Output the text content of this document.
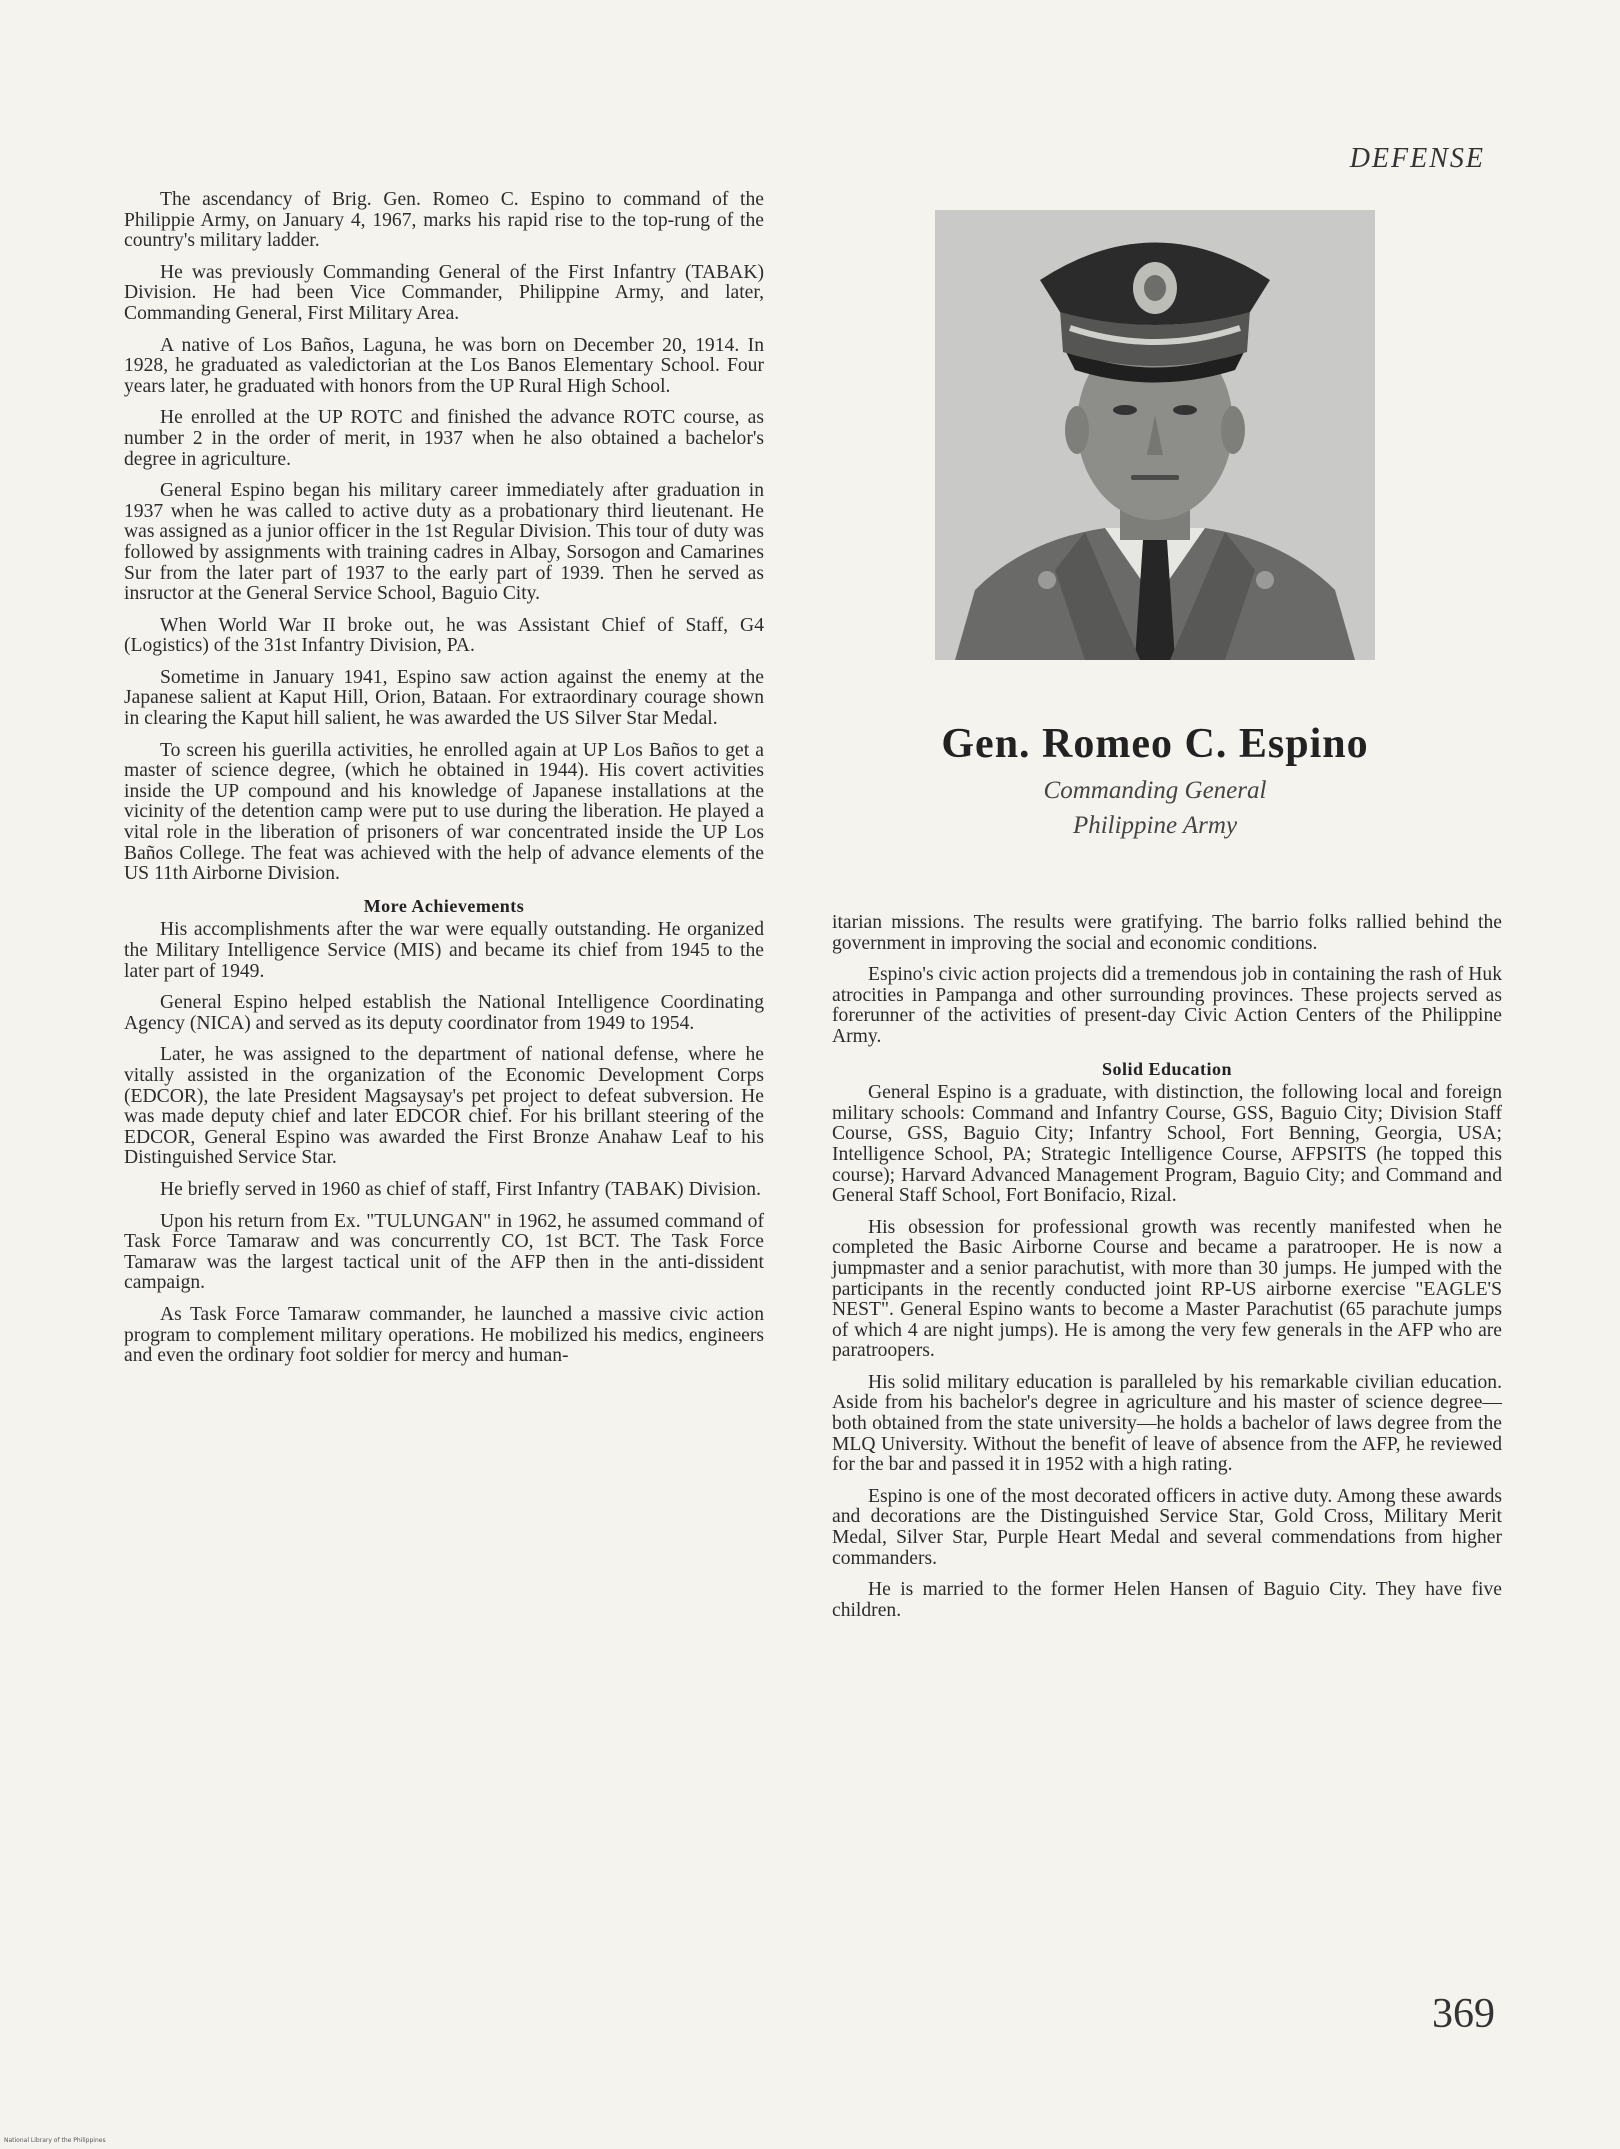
DEFENSE
Gen. Romeo C. Espino
Commanding General
Philippine Army

The ascendancy of Brig. Gen. Romeo C. Espino to command of the Philippie Army, on January 4, 1967, marks his rapid rise to the top-rung of the country's military ladder.

He was previously Commanding General of the First Infantry (TABAK) Division. He had been Vice Commander, Philippine Army, and later, Commanding General, First Military Area.

A native of Los Baños, Laguna, he was born on December 20, 1914. In 1928, he graduated as valedictorian at the Los Banos Elementary School. Four years later, he graduated with honors from the UP Rural High School.

He enrolled at the UP ROTC and finished the advance ROTC course, as number 2 in the order of merit, in 1937 when he also obtained a bachelor's degree in agriculture.

General Espino began his military career immediately after graduation in 1937 when he was called to active duty as a probationary third lieutenant. He was assigned as a junior officer in the 1st Regular Division. This tour of duty was followed by assignments with training cadres in Albay, Sorsogon and Camarines Sur from the later part of 1937 to the early part of 1939. Then he served as insructor at the General Service School, Baguio City.

When World War II broke out, he was Assistant Chief of Staff, G4 (Logistics) of the 31st Infantry Division, PA.

Sometime in January 1941, Espino saw action against the enemy at the Japanese salient at Kaput Hill, Orion, Bataan. For extraordinary courage shown in clearing the Kaput hill salient, he was awarded the US Silver Star Medal.

To screen his guerilla activities, he enrolled again at UP Los Baños to get a master of science degree, (which he obtained in 1944). His covert activities inside the UP compound and his knowledge of Japanese installations at the vicinity of the detention camp were put to use during the liberation. He played a vital role in the liberation of prisoners of war concentrated inside the UP Los Baños College. The feat was achieved with the help of advance elements of the US 11th Airborne Division.

More Achievements

His accomplishments after the war were equally outstanding. He organized the Military Intelligence Service (MIS) and became its chief from 1945 to the later part of 1949.

General Espino helped establish the National Intelligence Coordinating Agency (NICA) and served as its deputy coordinator from 1949 to 1954.

Later, he was assigned to the department of national defense, where he vitally assisted in the organization of the Economic Development Corps (EDCOR), the late President Magsaysay's pet project to defeat subversion. He was made deputy chief and later EDCOR chief. For his brillant steering of the EDCOR, General Espino was awarded the First Bronze Anahaw Leaf to his Distinguished Service Star.

He briefly served in 1960 as chief of staff, First Infantry (TABAK) Division.

Upon his return from Ex. "TULUNGAN" in 1962, he assumed command of Task Force Tamaraw and was concurrently CO, 1st BCT. The Task Force Tamaraw was the largest tactical unit of the AFP then in the anti-dissident campaign.

As Task Force Tamaraw commander, he launched a massive civic action program to complement military operations. He mobilized his medics, engineers and even the ordinary foot soldier for mercy and human-

itarian missions. The results were gratifying. The barrio folks rallied behind the government in improving the social and economic conditions.

Espino's civic action projects did a tremendous job in containing the rash of Huk atrocities in Pampanga and other surrounding provinces. These projects served as forerunner of the activities of present-day Civic Action Centers of the Philippine Army.

Solid Education

General Espino is a graduate, with distinction, the following local and foreign military schools: Command and Infantry Course, GSS, Baguio City; Division Staff Course, GSS, Baguio City; Infantry School, Fort Benning, Georgia, USA; Intelligence School, PA; Strategic Intelligence Course, AFPSITS (he topped this course); Harvard Advanced Management Program, Baguio City; and Command and General Staff School, Fort Bonifacio, Rizal.

His obsession for professional growth was recently manifested when he completed the Basic Airborne Course and became a paratrooper. He is now a jumpmaster and a senior parachutist, with more than 30 jumps. He jumped with the participants in the recently conducted joint RP-US airborne exercise "EAGLE'S NEST". General Espino wants to become a Master Parachutist (65 parachute jumps of which 4 are night jumps). He is among the very few generals in the AFP who are paratroopers.

His solid military education is paralleled by his remarkable civilian education. Aside from his bachelor's degree in agriculture and his master of science degree—both obtained from the state university—he holds a bachelor of laws degree from the MLQ University. Without the benefit of leave of absence from the AFP, he reviewed for the bar and passed it in 1952 with a high rating.

Espino is one of the most decorated officers in active duty. Among these awards and decorations are the Distinguished Service Star, Gold Cross, Military Merit Medal, Silver Star, Purple Heart Medal and several commendations from higher commanders.

He is married to the former Helen Hansen of Baguio City. They have five children.

369
National Library of the Philippines
